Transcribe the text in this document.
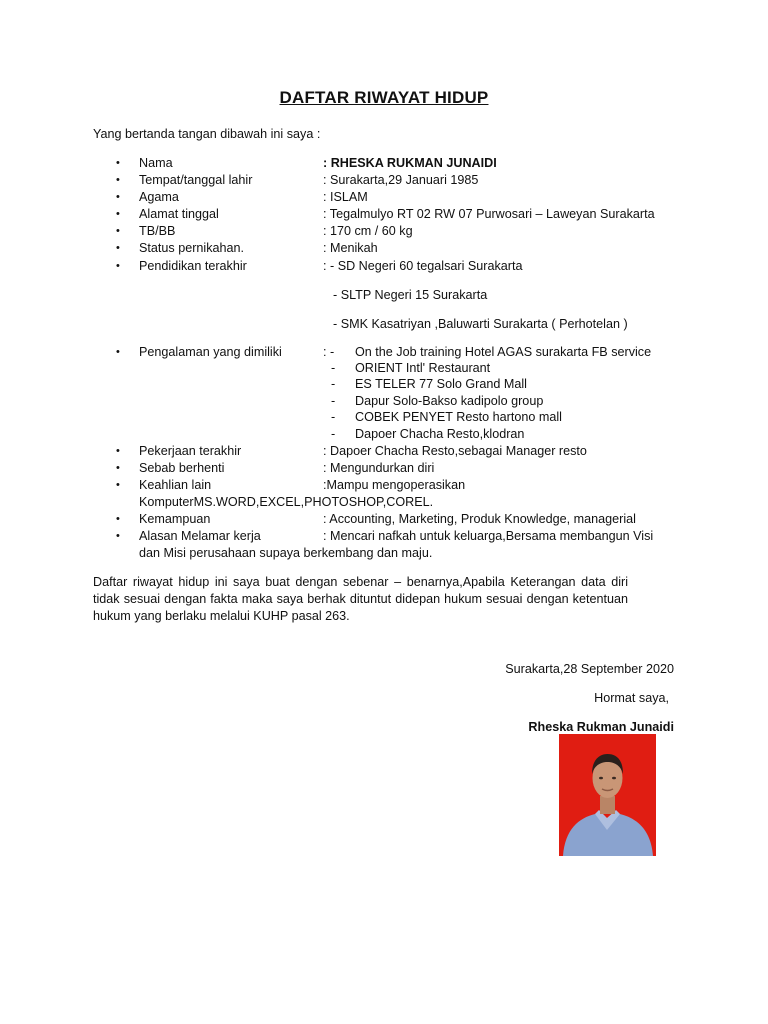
DAFTAR RIWAYAT HIDUP
Yang bertanda tangan dibawah ini saya :
• Nama	: RHESKA RUKMAN JUNAIDI
• Tempat/tanggal lahir	: Surakarta,29 Januari 1985
• Agama	: ISLAM
• Alamat tinggal	: Tegalmulyo RT 02 RW 07 Purwosari – Laweyan Surakarta
• TB/BB	: 170 cm / 60 kg
• Status pernikahan.	: Menikah
• Pendidikan terakhir	: - SD Negeri 60 tegalsari Surakarta
- SLTP Negeri 15 Surakarta
- SMK Kasatriyan ,Baluwarti Surakarta ( Perhotelan )
• Pengalaman yang dimiliki	: - On the Job training Hotel AGAS surakarta FB service
- ORIENT Intl' Restaurant
- ES TELER 77 Solo Grand Mall
- Dapur Solo-Bakso kadipolo group
- COBEK PENYET Resto hartono mall
- Dapoer Chacha Resto,klodran
• Pekerjaan terakhir	: Dapoer Chacha Resto,sebagai Manager resto
• Sebab berhenti	: Mengundurkan diri
• Keahlian lain	:Mampu mengoperasikan
KomputerMS.WORD,EXCEL,PHOTOSHOP,COREL.
• Kemampuan	: Accounting, Marketing, Produk Knowledge, managerial
• Alasan Melamar kerja	: Mencari nafkah untuk keluarga,Bersama membangun Visi
dan Misi perusahaan supaya berkembang dan maju.
Daftar riwayat hidup ini saya buat dengan sebenar – benarnya,Apabila Keterangan data diri tidak sesuai dengan fakta maka saya berhak dituntut didepan hukum sesuai dengan ketentuan hukum yang berlaku melalui KUHP pasal 263.
Surakarta,28 September 2020
Hormat saya,
Rheska Rukman Junaidi
